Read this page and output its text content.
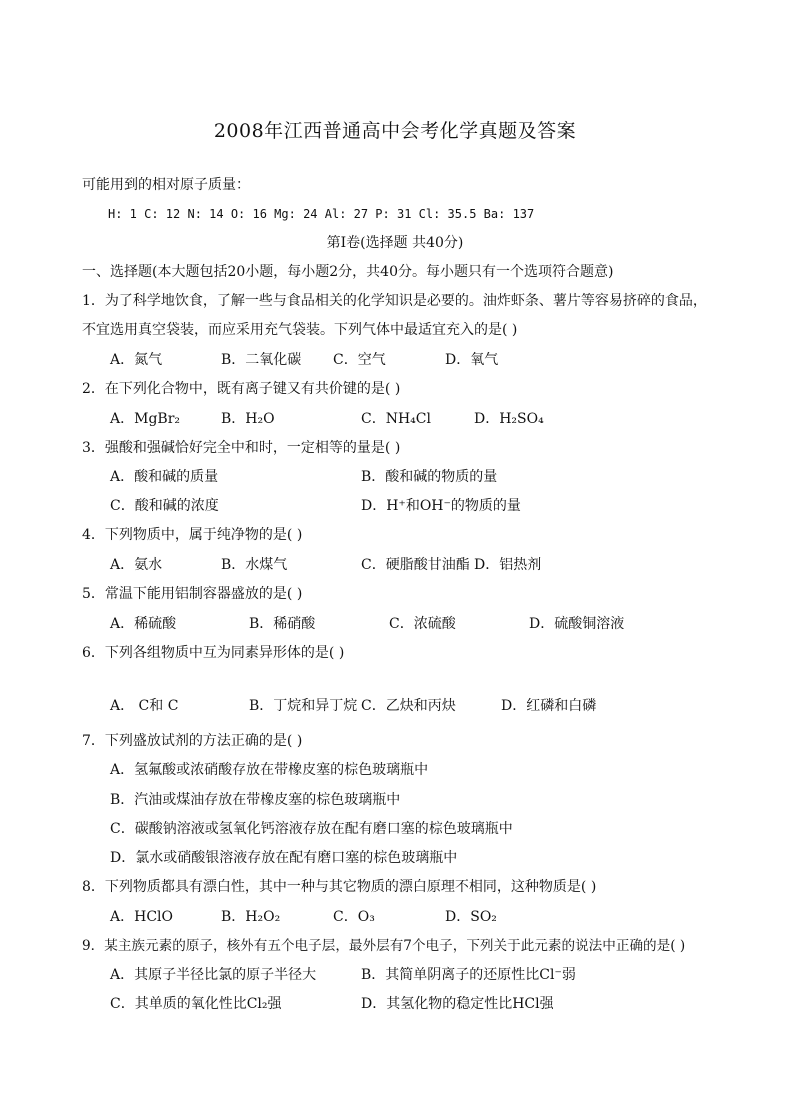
2008年江西普通高中会考化学真题及答案
可能用到的相对原子质量：
H: 1 C: 12 N: 14 O: 16 Mg: 24 Al: 27 P: 31 Cl: 35.5 Ba: 137
第Ⅰ卷(选择题 共40分)
一、选择题(本大题包括20小题，每小题2分，共40分。每小题只有一个选项符合题意)
1．为了科学地饮食，了解一些与食品相关的化学知识是必要的。油炸虾条、薯片等容易挤碎的食品，
不宜选用真空袋装，而应采用充气袋装。下列气体中最适宜充入的是( )
A．氮气	B．二氧化碳 C．空气	D．氧气
2．在下列化合物中，既有离子键又有共价键的是( )
A．MgBr₂	B．H₂O	C．NH₄Cl	D．H₂SO₄
3．强酸和强碱恰好完全中和时，一定相等的量是( )
A．酸和碱的质量	B．酸和碱的物质的量
C．酸和碱的浓度	D．H⁺和OH⁻的物质的量
4．下列物质中，属于纯净物的是( )
A．氨水	B．水煤气	C．硬脂酸甘油酯 D．铝热剂
5．常温下能用铝制容器盛放的是( )
A．稀硫酸	B．稀硝酸	C．浓硫酸	D．硫酸铜溶液
6．下列各组物质中互为同素异形体的是( )
A． C和 C	B．丁烷和异丁烷 C．乙炔和丙炔	D．红磷和白磷
7．下列盛放试剂的方法正确的是( )
A．氢氟酸或浓硝酸存放在带橡皮塞的棕色玻璃瓶中
B．汽油或煤油存放在带橡皮塞的棕色玻璃瓶中
C．碳酸钠溶液或氢氧化钙溶液存放在配有磨口塞的棕色玻璃瓶中
D．氯水或硝酸银溶液存放在配有磨口塞的棕色玻璃瓶中
8．下列物质都具有漂白性，其中一种与其它物质的漂白原理不相同，这种物质是( )
A．HClO	B．H₂O₂	C．O₃	D．SO₂
9．某主族元素的原子，核外有五个电子层，最外层有7个电子，下列关于此元素的说法中正确的是( )
A．其原子半径比氯的原子半径大	B．其简单阴离子的还原性比Cl⁻弱
C．其单质的氧化性比Cl₂强	D．其氢化物的稳定性比HCl强
